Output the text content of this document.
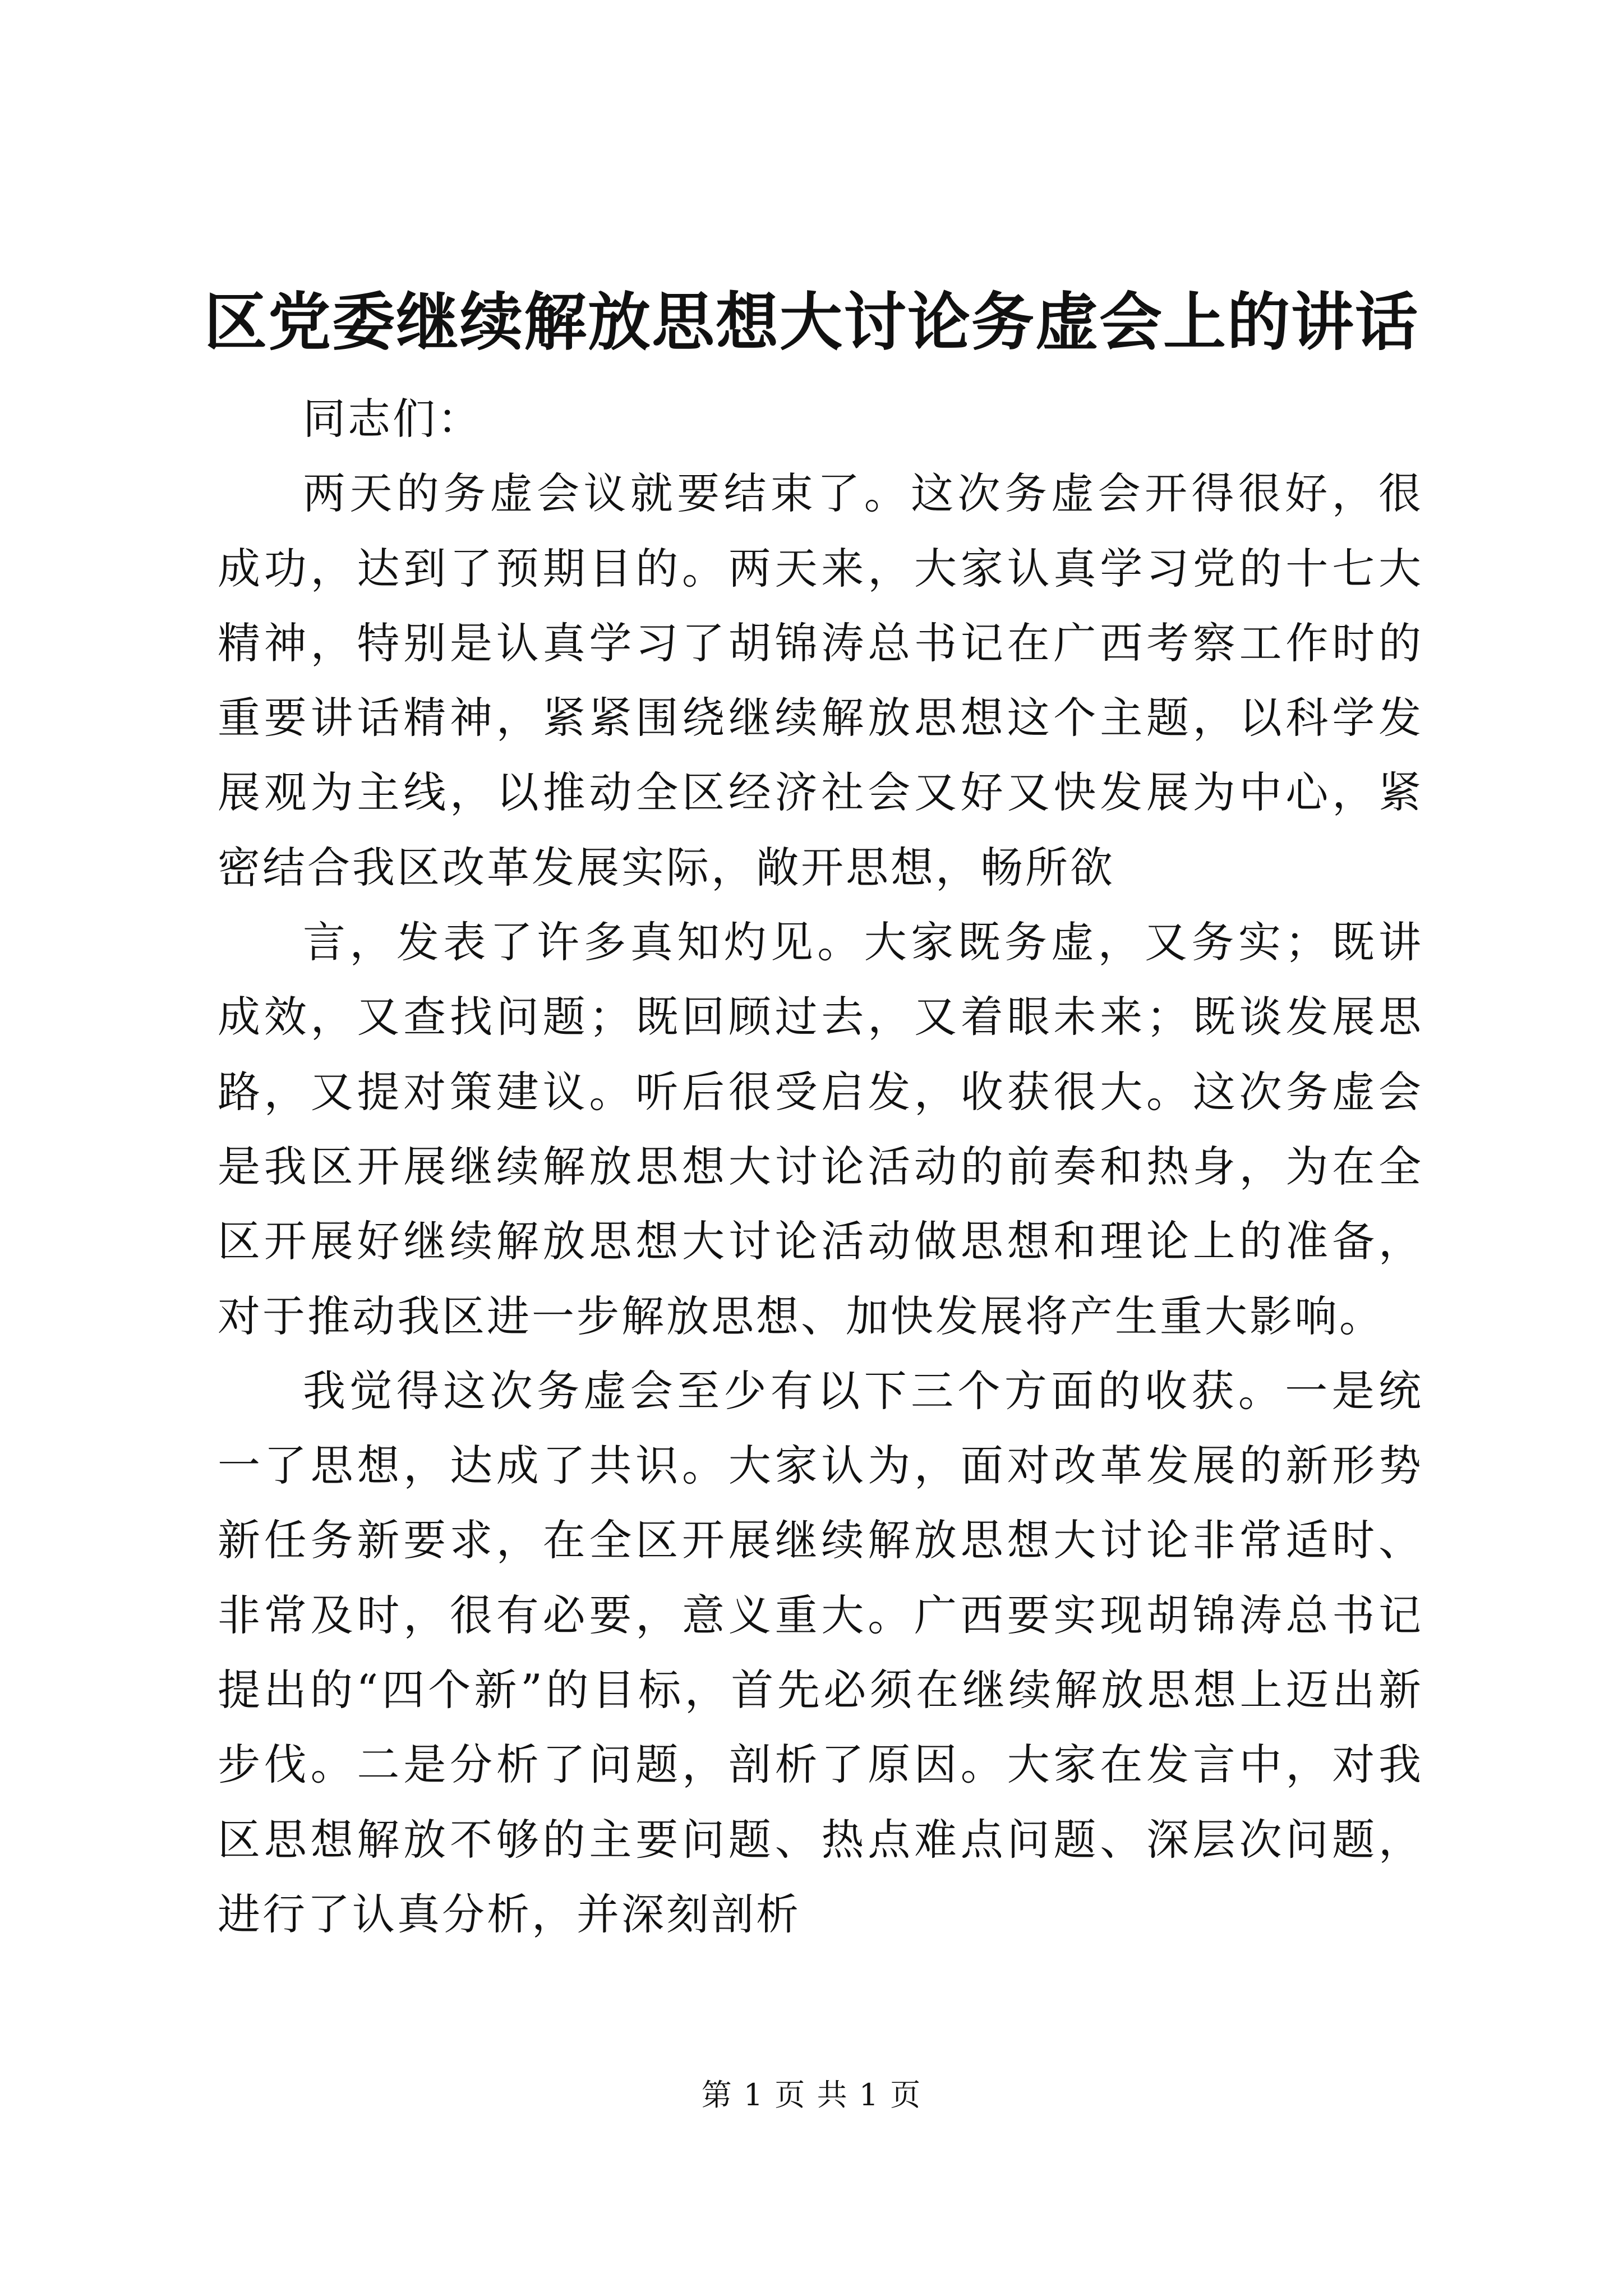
区党委继续解放思想大讨论务虚会上的讲话

同志们：

两天的务虚会议就要结束了。这次务虚会开得很好，很成功，达到了预期目的。两天来，大家认真学习党的十七大精神，特别是认真学习了胡锦涛总书记在广西考察工作时的重要讲话精神，紧紧围绕继续解放思想这个主题，以科学发展观为主线，以推动全区经济社会又好又快发展为中心，紧密结合我区改革发展实际，敞开思想，畅所欲

言，发表了许多真知灼见。大家既务虚，又务实；既讲成效，又查找问题；既回顾过去，又着眼未来；既谈发展思路，又提对策建议。听后很受启发，收获很大。这次务虚会是我区开展继续解放思想大讨论活动的前奏和热身，为在全区开展好继续解放思想大讨论活动做思想和理论上的准备，对于推动我区进一步解放思想、加快发展将产生重大影响。

我觉得这次务虚会至少有以下三个方面的收获。一是统一了思想，达成了共识。大家认为，面对改革发展的新形势新任务新要求，在全区开展继续解放思想大讨论非常适时、非常及时，很有必要，意义重大。广西要实现胡锦涛总书记提出的“四个新”的目标，首先必须在继续解放思想上迈出新步伐。二是分析了问题，剖析了原因。大家在发言中，对我区思想解放不够的主要问题、热点难点问题、深层次问题，进行了认真分析，并深刻剖析

第 1 页 共 1 页
